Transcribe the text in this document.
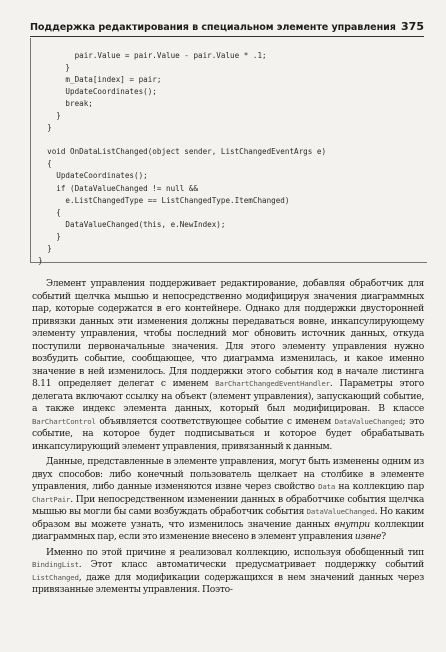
Поддержка редактирования в специальном элементе управления 375
pair.Value = pair.Value - pair.Value * .1;
}
m_Data[index] = pair;
UpdateCoordinates();
break;
}
}
void OnDataListChanged(object sender, ListChangedEventArgs e)
{
UpdateCoordinates();
if (DataValueChanged != null &&
e.ListChangedType == ListChangedType.ItemChanged)
{
DataValueChanged(this, e.NewIndex);
}
}
}

Элемент управления поддерживает редактирование, добавляя обработчик для событий щелчка мышью и непосредственно модифицируя значения диаграммных пар, которые содержатся в его контейнере. Однако для поддержки двусторонней привязки данных эти изменения должны передаваться вовне, инкапсулирующему элементу управления, чтобы последний мог обновить источник данных, откуда поступили первоначальные значения. Для этого элементу управления нужно возбудить событие, сообщающее, что диаграмма изменилась, и какое именно значение в ней изменилось. Для поддержки этого события код в начале листинга 8.11 определяет делегат с именем BarChartChangedEventHandler. Параметры этого делегата включают ссылку на объект (элемент управления), запускающий событие, а также индекс элемента данных, который был модифицирован. В классе BarChartControl объявляется соответствующее событие с именем DataValueChanged; это событие, на которое будет подписываться и которое будет обрабатывать инкапсулирующий элемент управления, привязанный к данным.

Данные, представленные в элементе управления, могут быть изменены одним из двух способов: либо конечный пользователь щелкает на столбике в элементе управления, либо данные изменяются извне через свойство Data на коллекцию пар ChartPair. При непосредственном изменении данных в обработчике события щелчка мышью вы могли бы сами возбуждать обработчик события DataValueChanged. Но каким образом вы можете узнать, что изменилось значение данных внутри коллекции диаграммных пар, если это изменение внесено в элемент управления извне?

Именно по этой причине я реализовал коллекцию, используя обобщенный тип BindingList. Этот класс автоматически предусматривает поддержку событий ListChanged, даже для модификации содержащихся в нем значений данных через привязанные элементы управления. Поэто-
